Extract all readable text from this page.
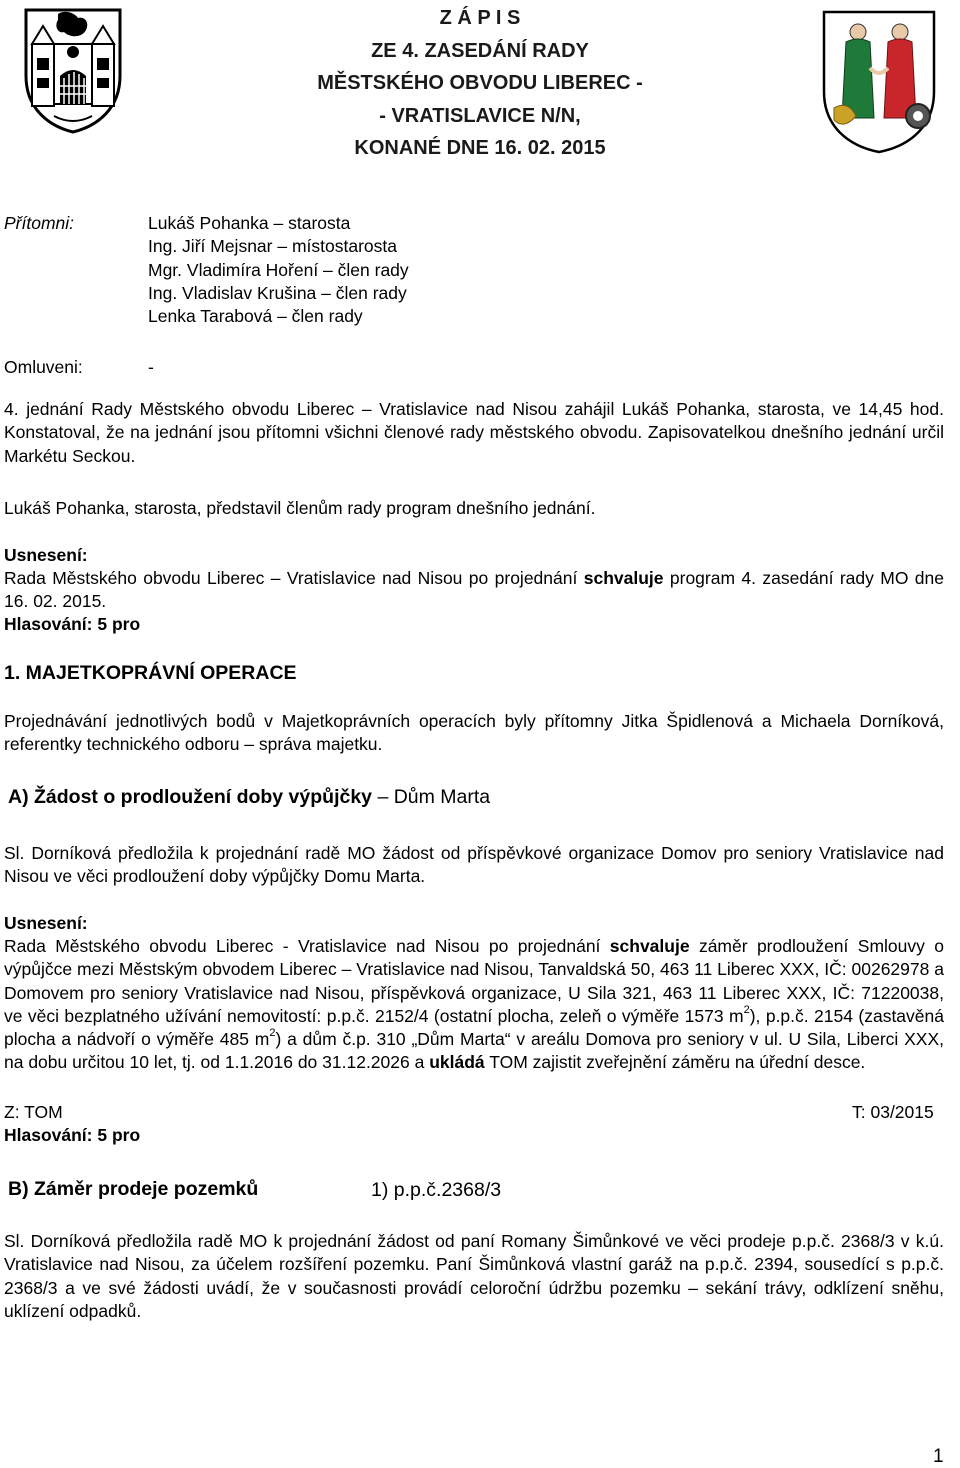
Z Á P I S
ZE 4. ZASEDÁNÍ RADY
MĚSTSKÉHO OBVODU LIBEREC -
- VRATISLAVICE N/N,
KONANÉ DNE 16. 02. 2015
Přítomni:	Lukáš Pohanka – starosta
Ing. Jiří Mejsnar – místostarosta
Mgr. Vladimíra Hoření – člen rady
Ing. Vladislav Krušina – člen rady
Lenka Tarabová – člen rady
Omluveni:	-
4. jednání Rady Městského obvodu Liberec – Vratislavice nad Nisou zahájil Lukáš Pohanka, starosta, ve 14,45 hod. Konstatoval, že na jednání jsou přítomni všichni členové rady městského obvodu. Zapisovatelkou dnešního jednání určil Markétu Seckou.
Lukáš Pohanka, starosta, představil členům rady program dnešního jednání.
Usnesení:
Rada Městského obvodu Liberec – Vratislavice nad Nisou po projednání schvaluje program 4. zasedání rady MO dne 16. 02. 2015.
Hlasování: 5 pro
1. MAJETKOPRÁVNÍ OPERACE
Projednávání jednotlivých bodů v Majetkoprávních operacích byly přítomny Jitka Špidlenová a Michaela Dorníková, referentky technického odboru – správa majetku.
A) Žádost o prodloužení doby výpůjčky – Dům Marta
Sl. Dorníková předložila k projednání radě MO žádost od příspěvkové organizace Domov pro seniory Vratislavice nad Nisou ve věci prodloužení doby výpůjčky Domu Marta.
Usnesení:
Rada Městského obvodu Liberec - Vratislavice nad Nisou po projednání schvaluje záměr prodloužení Smlouvy o výpůjčce mezi Městským obvodem Liberec – Vratislavice nad Nisou, Tanvaldská 50, 463 11 Liberec XXX, IČ: 00262978 a Domovem pro seniory Vratislavice nad Nisou, příspěvková organizace, U Sila 321, 463 11 Liberec XXX, IČ: 71220038, ve věci bezplatného užívání nemovitostí: p.p.č. 2152/4 (ostatní plocha, zeleň o výměře 1573 $m^2$), p.p.č. 2154 (zastavěná plocha a nádvoří o výměře 485 $m^2$) a dům č.p. 310 „Dům Marta“ v areálu Domova pro seniory v ul. U Sila, Liberci XXX, na dobu určitou 10 let, tj. od 1.1.2016 do 31.12.2026 a ukládá TOM zajistit zveřejnění záměru na úřední desce.
Z: TOM	T: 03/2015
Hlasování: 5 pro
B) Záměr prodeje pozemků	1) p.p.č.2368/3
Sl. Dorníková předložila radě MO k projednání žádost od paní Romany Šimůnkové ve věci prodeje p.p.č. 2368/3 v k.ú. Vratislavice nad Nisou, za účelem rozšíření pozemku. Paní Šimůnková vlastní garáž na p.p.č. 2394, sousedící s p.p.č. 2368/3 a ve své žádosti uvádí, že v současnosti provádí celoroční údržbu pozemku – sekání trávy, odklízení sněhu, uklízení odpadků.
1
